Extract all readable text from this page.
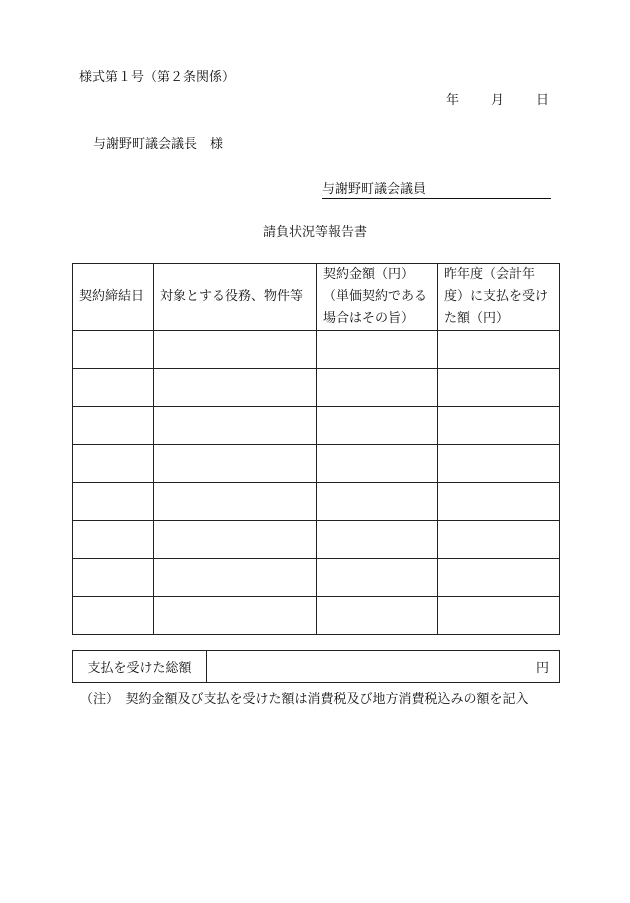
様式第１号（第２条関係）
年 月 日
与謝野町議会議長　様
与謝野町議会議員
請負状況等報告書
契約締結日	対象とする役務、物件等	契約金額（円）（単価契約である場合はその旨）	昨年度（会計年度）に支払を受けた額（円）

支払を受けた総額	円
（注）　契約金額及び支払を受けた額は消費税及び地方消費税込みの額を記入
